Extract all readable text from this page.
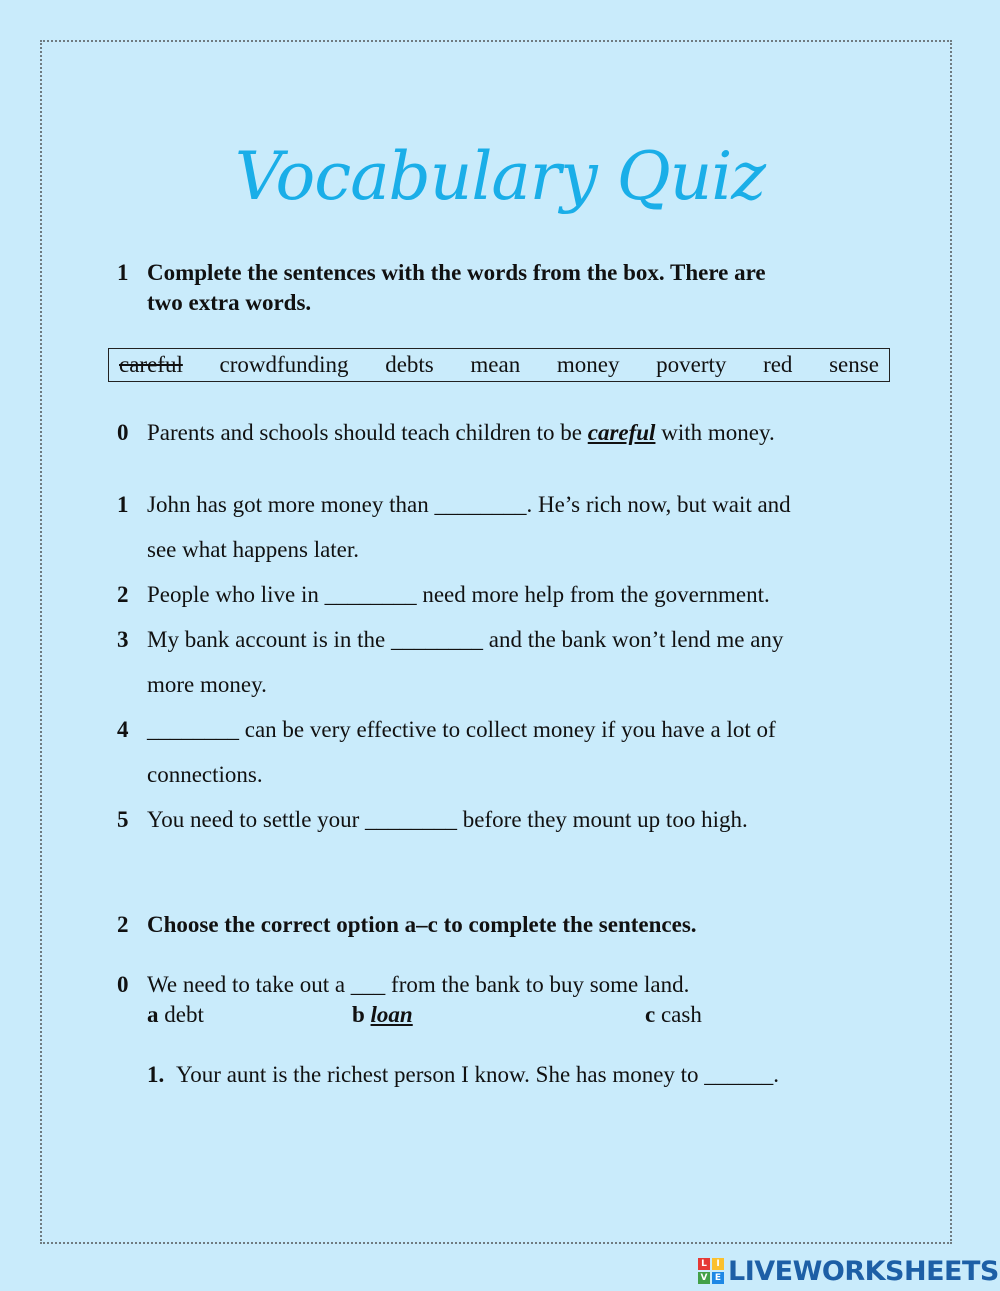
Vocabulary Quiz
1 Complete the sentences with the words from the box. There are
two extra words.
careful crowdfunding debts mean money poverty red sense
0 Parents and schools should teach children to be careful with money.
1 John has got more money than ________. He’s rich now, but wait and
see what happens later.
2 People who live in ________ need more help from the government.
3 My bank account is in the ________ and the bank won’t lend me any
more money.
4 ________ can be very effective to collect money if you have a lot of
connections.
5 You need to settle your ________ before they mount up too high.
2 Choose the correct option a–c to complete the sentences.
0 We need to take out a ___ from the bank to buy some land.
a debt	b loan	c cash
1. Your aunt is the richest person I know. She has money to ______.
L	I
V E LIVEWORKSHEETS
